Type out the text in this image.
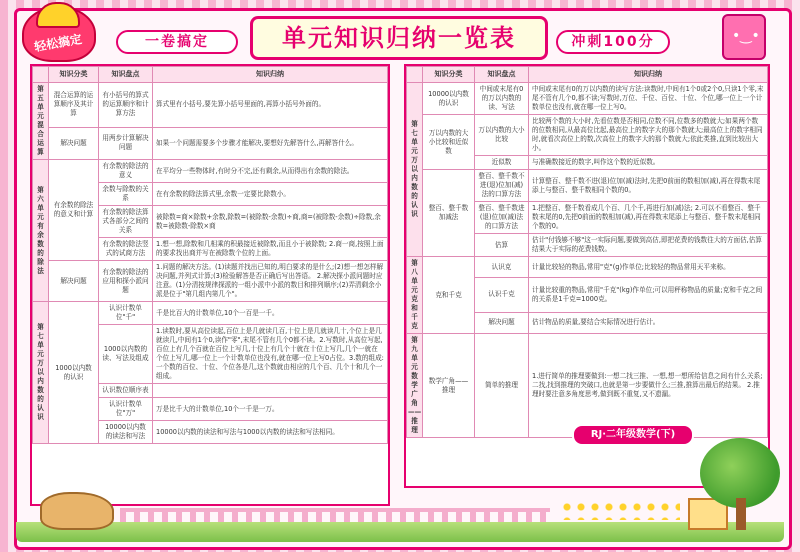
轻松搞定	一卷搞定	单元知识归纳一览表	冲刺100分	•‿•
	知识分类	知识盘点	知识归纳
第五单元 混合运算	混合运算的运算顺序及其计算	有小括号的算式的运算顺序和计算方法	算式里有小括号,要先算小括号里面的,再算小括号外面的。
	解决问题	用两步计算解决问题	如果一个问题需要多个步骤才能解决,要想好先解答什么,再解答什么。
第六单元 有余数的除法	有余数的除法的意义和计算	有余数的除法的意义	在平均分一些物体时,有时分不完,还有剩余,从而得出有余数的除法。
		余数与除数的关系	在有余数的除法算式里,余数一定要比除数小。
		有余数的除法算式各部分之间的关系	被除数=商×除数+余数,除数=(被除数-余数)÷商,商=(被除数-余数)÷除数,余数=被除数-除数×商
		有余数的除法竖式的试商方法	1.想一想,除数和几相乘的积最接近被除数,而且小于被除数; 2.商一商,按照上面的要求找出商并写在被除数个位的上面。
	解决问题	有余数的除法的应用和探小派问题	1.问题的解决方法。(1)读题并找出已知的,明白要求的是什么;(2)想一想怎样解决问题,并列式计算;(3)检验解答是否正确后写出答语。 2.解决探小派问题时应注意。(1)分清按规律探派的一组小派中小派的数目和排列顺序;(2)弄清剩余小派是位于"第几组内第几个"。
第七单元 万以内数的认识	1000以内数的认识	认识计数单位"千"	千是比百大的计数单位,10个一百是一千。
		1000以内数的读、写法及组成	1.读数时,要从高位读起,百位上是几就读几百,十位上是几就读几十,个位上是几就读几,中间有1个0,读作"零",末尾不管有几个0都不读。2.写数时,从高位写起,百位上有几个百就在百位上写几,十位上有几个十就在十位上写几,几个一就在个位上写几,哪一位上一个计数单位也没有,就在哪一位上写0占位。3.数的组成:一个数的百位、十位、个位各是几,这个数就由相应的几个百、几个十和几个一组成。
		认识数位顺序表	
		认识计数单位"万"	万是比千大的计数单位,10个一千是一万。
		10000以内数的读法和写法	10000以内数的读法和写法与1000以内数的读法和写法相同。
	知识分类	知识盘点	知识归纳
第七单元 万以内数的认识	10000以内数的认识	中间或末尾有0的万以内数的读、写法	中间或末尾有0的万以内数的读写方法:读数时,中间有1个0或2个0,只读1个零,末尾不管有几个0,都不读;写数时,万位、千位、百位、十位、个位,哪一位上一个计数单位也没有,就在哪一位上写0。
	万以内数的大小比较和近似数	万以内数的大小比较	比较两个数的大小时,先看位数是否相同,位数不同,位数多的数就大;如果两个数的位数相同,从最高位比起,最高位上的数字大的那个数就大;最高位上的数字相同时,就看次高位上的数,次高位上的数字大的那个数就大;依此类推,直到比较出大小。
		近似数	与准确数接近的数字,叫作这个数的近似数。
	整百、整千数加减法	整百、整千数不进(退)位加(减)法的口算方法	计算整百、整千数不进(退)位加(减)法时,先把0前面的数相加(减),再在得数末尾添上与整百、整千数相同个数的0。
		整百、整千数进(退)位加(减)法的口算方法	1.把整百、整千数看成几个百、几个千,再进行加(减)法; 2.可以不看整百、整千数末尾的0,先把0前面的数相加(减),再在得数末尾添上与整百、整千数末尾相同个数的0。
		估算	估计"付钱够不够"这一实际问题,要做到高估,即把花费的钱数往大的方面估,估算结果大于实际的花费钱数。
第八单元 克和千克	克和千克	认识克	计量比较轻的物品,常用"克"(g)作单位;比较轻的物品常用天平来称。
		认识千克	计量比较重的物品,常用"千克"(kg)作单位;可以用秤称物品的质量;克和千克之间的关系是1千克=1000克。
		解决问题	估计物品的质量,要结合实际情况进行估计。
第九单元 数学广角——推理	数学广角——推理	简单的推理	1.进行简单的推理要做到:一想二找三推、一想,想一想所给信息之间有什么关系;二找,找到推理的突破口,也就是第一步要做什么;三推,推算出最后的结果。 2.推理时要注意多角度思考,做到既不重复,又不遗漏。
RJ·二年级数学(下)
